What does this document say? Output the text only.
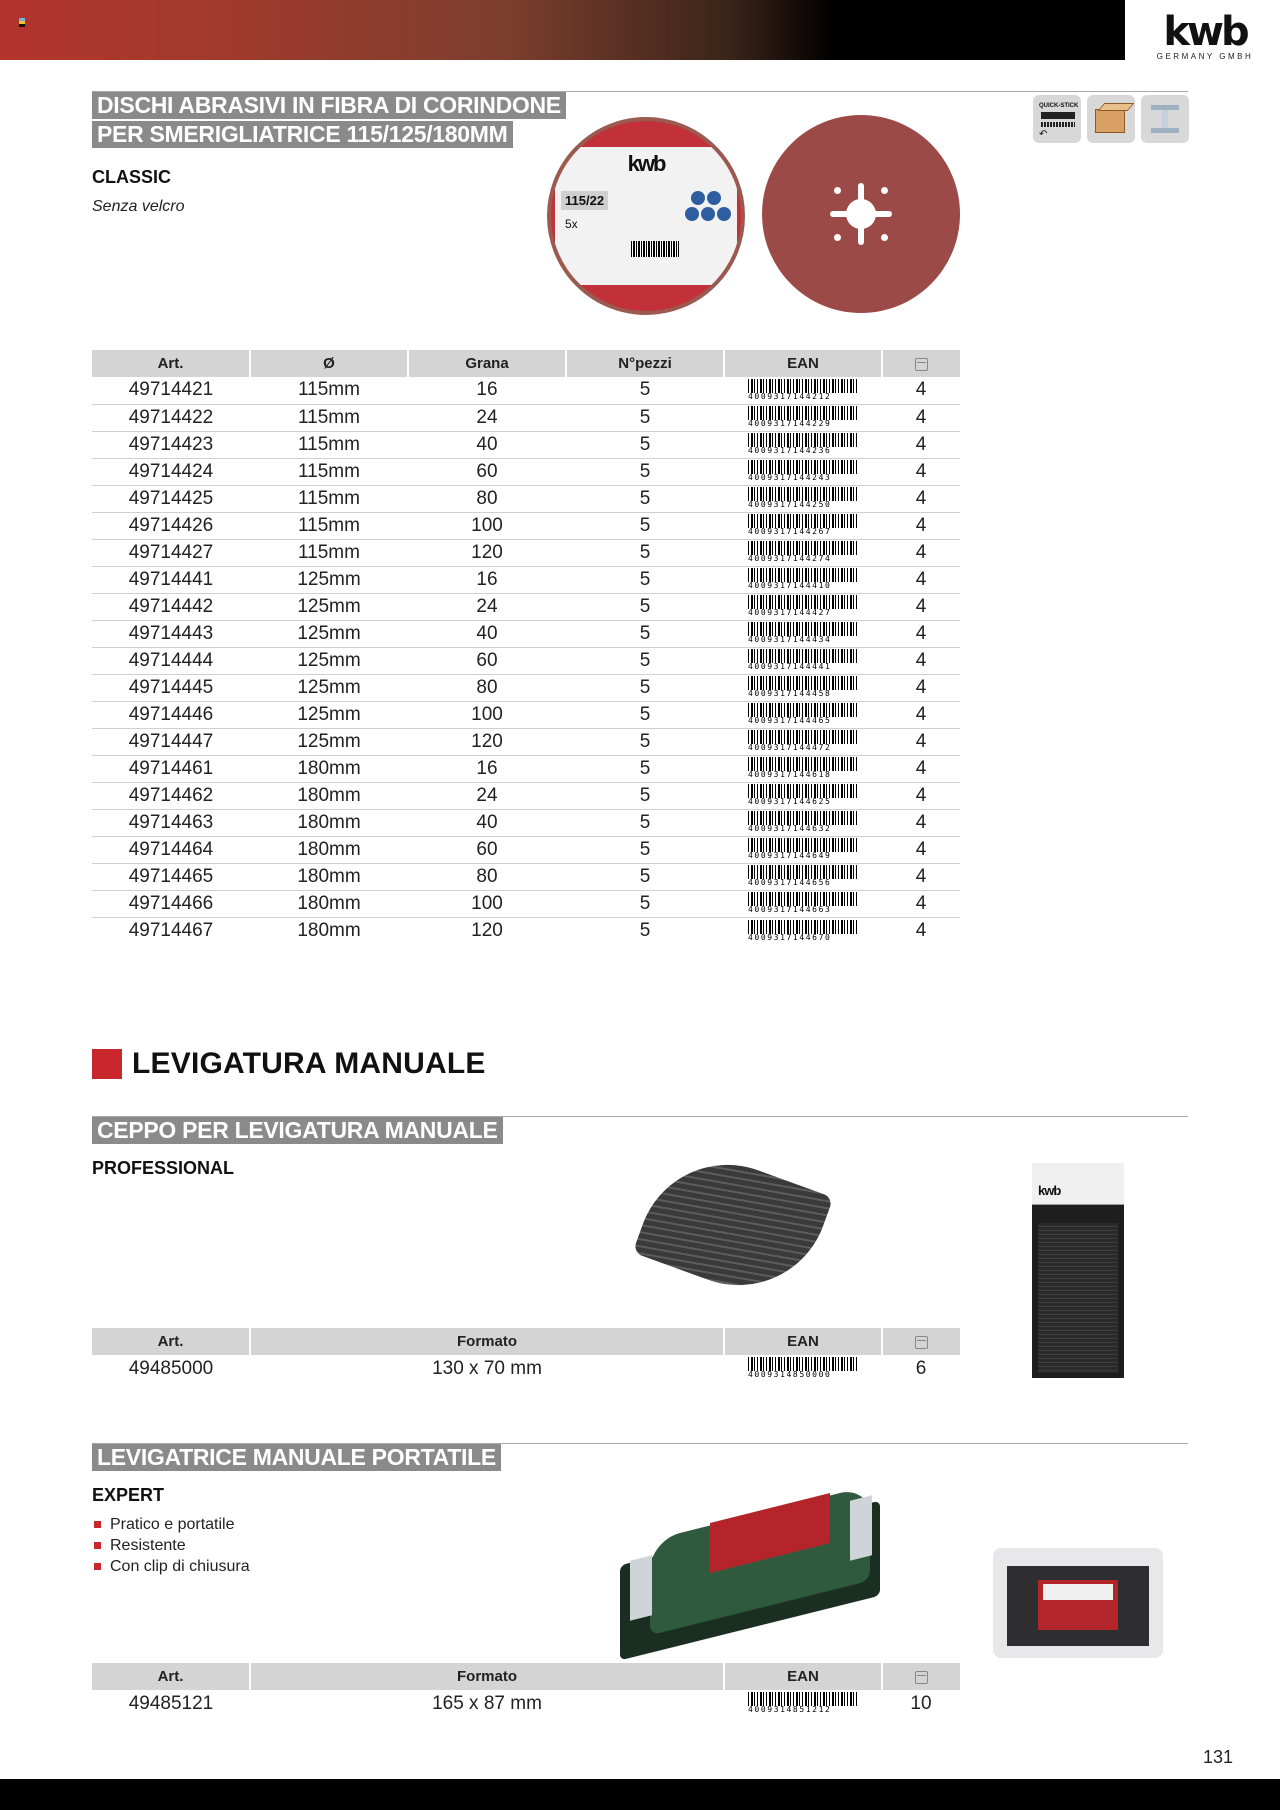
kwb
GERMANY GMBH
DISCHI ABRASIVI IN FIBRA DI CORINDONE
PER SMERIGLIATRICE 115/125/180MM
CLASSIC
Senza velcro
QUICK-STICK
↶
kwb
115/22
5x
Art.	Ø	Grana	N°pezzi	EAN	
49714421	115mm	16	5	4009317144212	4
49714422	115mm	24	5	4009317144229	4
49714423	115mm	40	5	4009317144236	4
49714424	115mm	60	5	4009317144243	4
49714425	115mm	80	5	4009317144250	4
49714426	115mm	100	5	4009317144267	4
49714427	115mm	120	5	4009317144274	4
49714441	125mm	16	5	4009317144410	4
49714442	125mm	24	5	4009317144427	4
49714443	125mm	40	5	4009317144434	4
49714444	125mm	60	5	4009317144441	4
49714445	125mm	80	5	4009317144458	4
49714446	125mm	100	5	4009317144465	4
49714447	125mm	120	5	4009317144472	4
49714461	180mm	16	5	4009317144618	4
49714462	180mm	24	5	4009317144625	4
49714463	180mm	40	5	4009317144632	4
49714464	180mm	60	5	4009317144649	4
49714465	180mm	80	5	4009317144656	4
49714466	180mm	100	5	4009317144663	4
49714467	180mm	120	5	4009317144670	4
LEVIGATURA MANUALE
CEPPO PER LEVIGATURA MANUALE
PROFESSIONAL
kwb
Art.	Formato	EAN	
49485000	130 x 70 mm	4009314850000	6
LEVIGATRICE MANUALE PORTATILE
EXPERT
Pratico e portatile
Resistente
Con clip di chiusura
Art.	Formato	EAN	
49485121	165 x 87 mm	4009314851212	10
131
